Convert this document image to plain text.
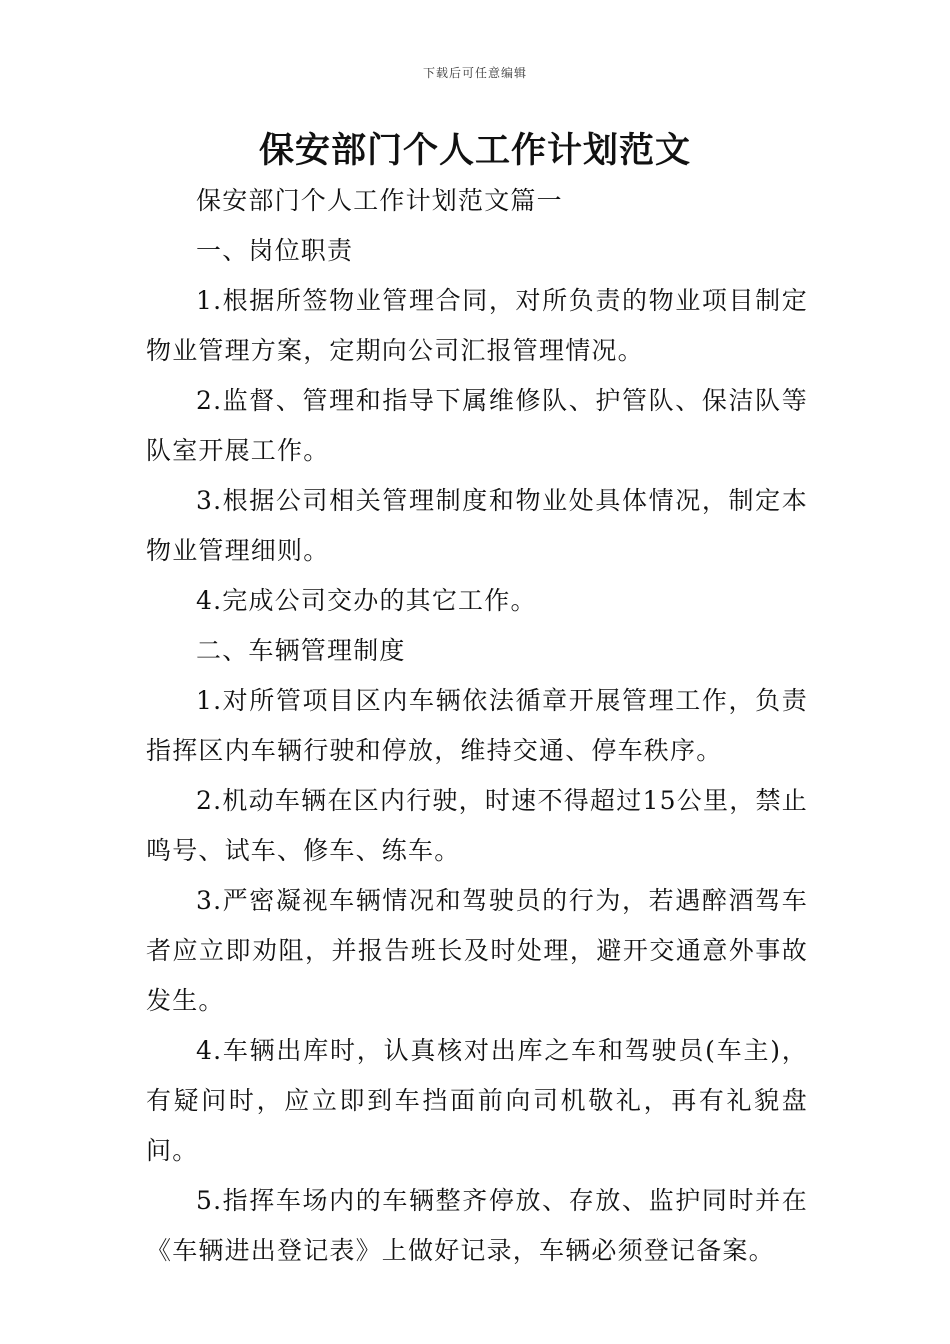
下载后可任意编辑
保安部门个人工作计划范文

保安部门个人工作计划范文篇一

一、岗位职责

1.根据所签物业管理合同，对所负责的物业项目制定物业管理方案，定期向公司汇报管理情况。

2.监督、管理和指导下属维修队、护管队、保洁队等队室开展工作。

3.根据公司相关管理制度和物业处具体情况，制定本物业管理细则。

4.完成公司交办的其它工作。

二、车辆管理制度

1.对所管项目区内车辆依法循章开展管理工作，负责指挥区内车辆行驶和停放，维持交通、停车秩序。

2.机动车辆在区内行驶，时速不得超过15公里，禁止鸣号、试车、修车、练车。

3.严密凝视车辆情况和驾驶员的行为，若遇醉酒驾车者应立即劝阻，并报告班长及时处理，避开交通意外事故发生。

4.车辆出库时，认真核对出库之车和驾驶员(车主)，有疑问时，应立即到车挡面前向司机敬礼，再有礼貌盘问。

5.指挥车场内的车辆整齐停放、存放、监护同时并在《车辆进出登记表》上做好记录，车辆必须登记备案。
